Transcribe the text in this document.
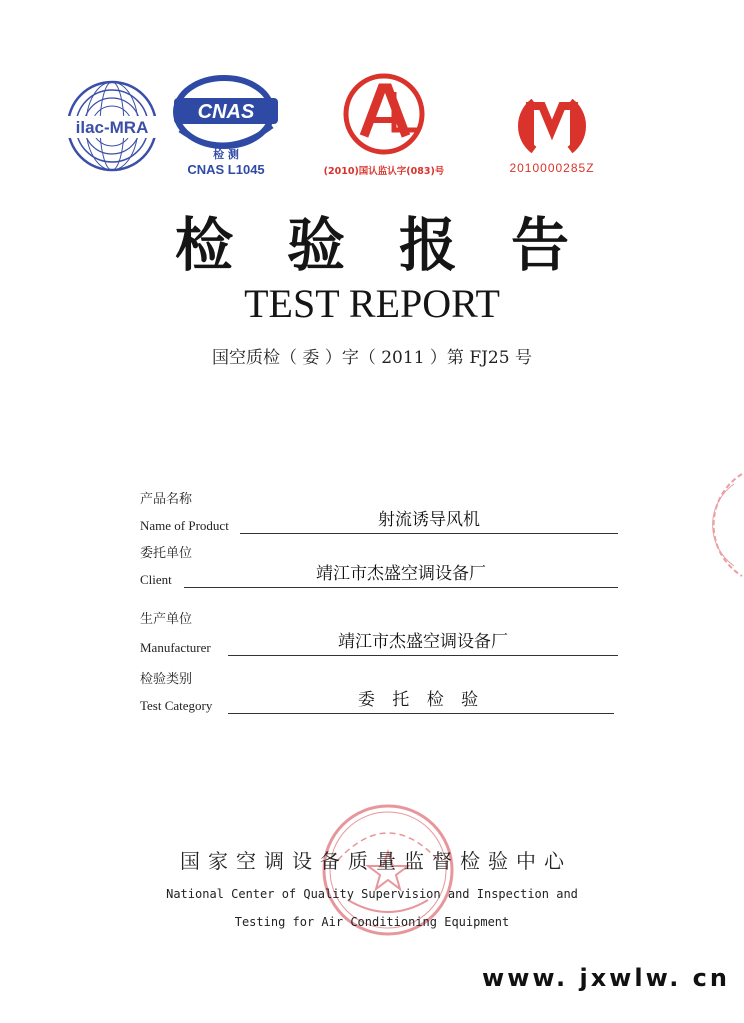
ilac-MRA
CNAS
检 测
CNAS L1045	(2010)国认监认字(083)号	2010000285Z
检验报告
TEST REPORT
国空质检（ 委 ）字（ 2011 ）第 FJ25 号
产品名称
Name of Product	射流诱导风机
委托单位
Client	靖江市杰盛空调设备厂
生产单位
Manufacturer	靖江市杰盛空调设备厂
检验类别
Test Category	委 托 检 验
国家空调设备质量监督检验中心
National Center of Quality Supervision and Inspection and
Testing for Air Conditioning Equipment
www. jxwlw. cn
